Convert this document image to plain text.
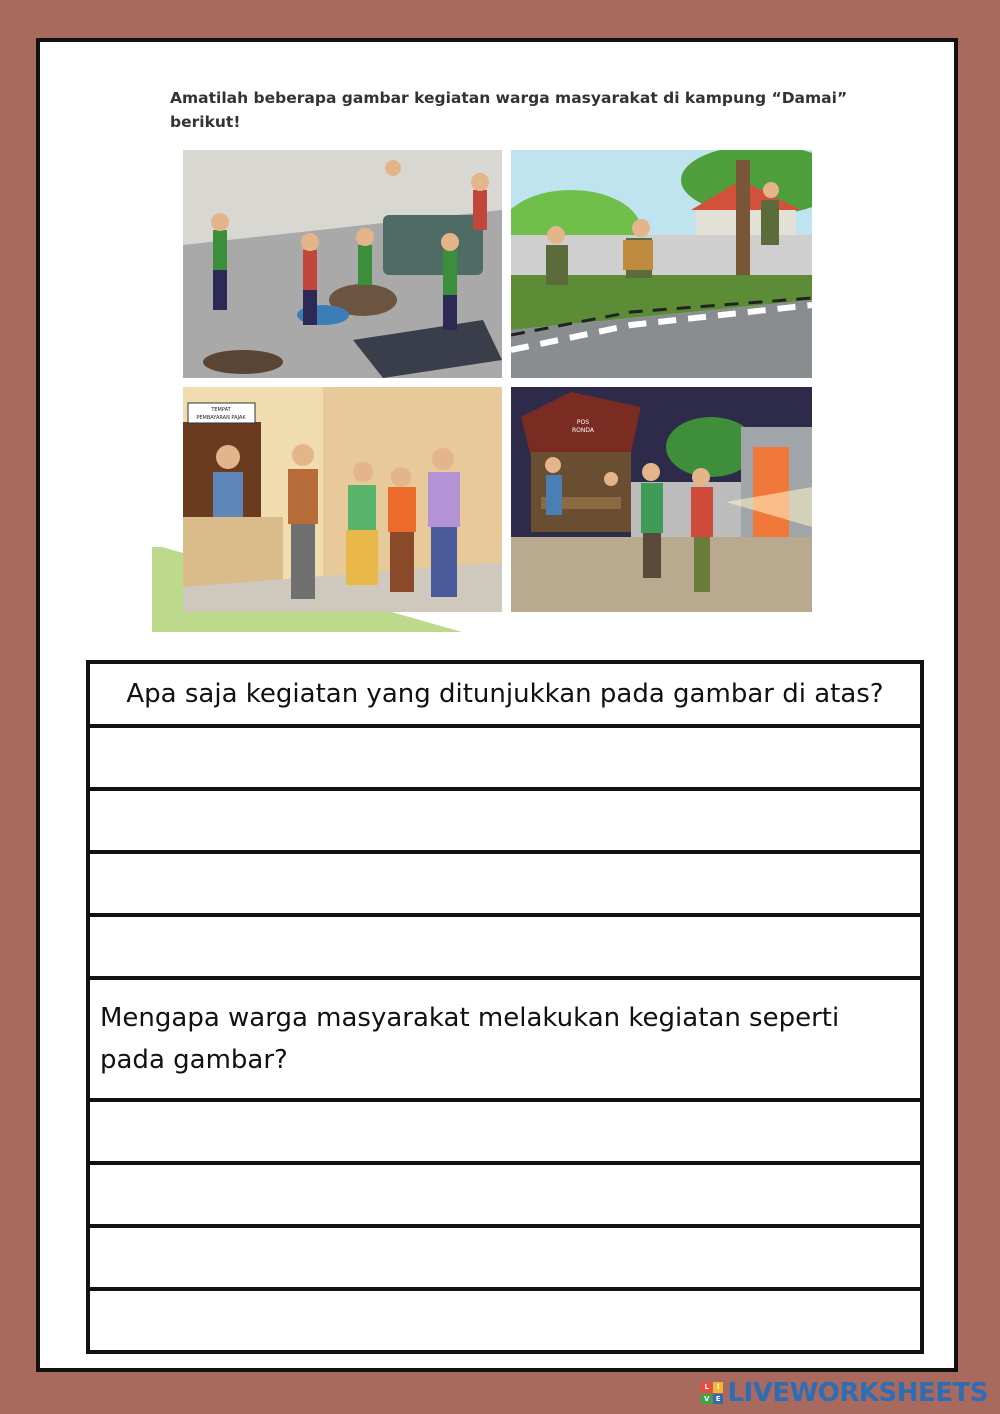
Amatilah beberapa gambar kegiatan warga masyarakat di kampung “Damai”
berikut!
TEMPAT
PEMBAYARAN PAJAK
POS
RONDA
Apa saja kegiatan yang ditunjukkan pada gambar di atas?

Mengapa warga masyarakat melakukan kegiatan seperti pada gambar?

L	I
V E LIVEWORKSHEETS
